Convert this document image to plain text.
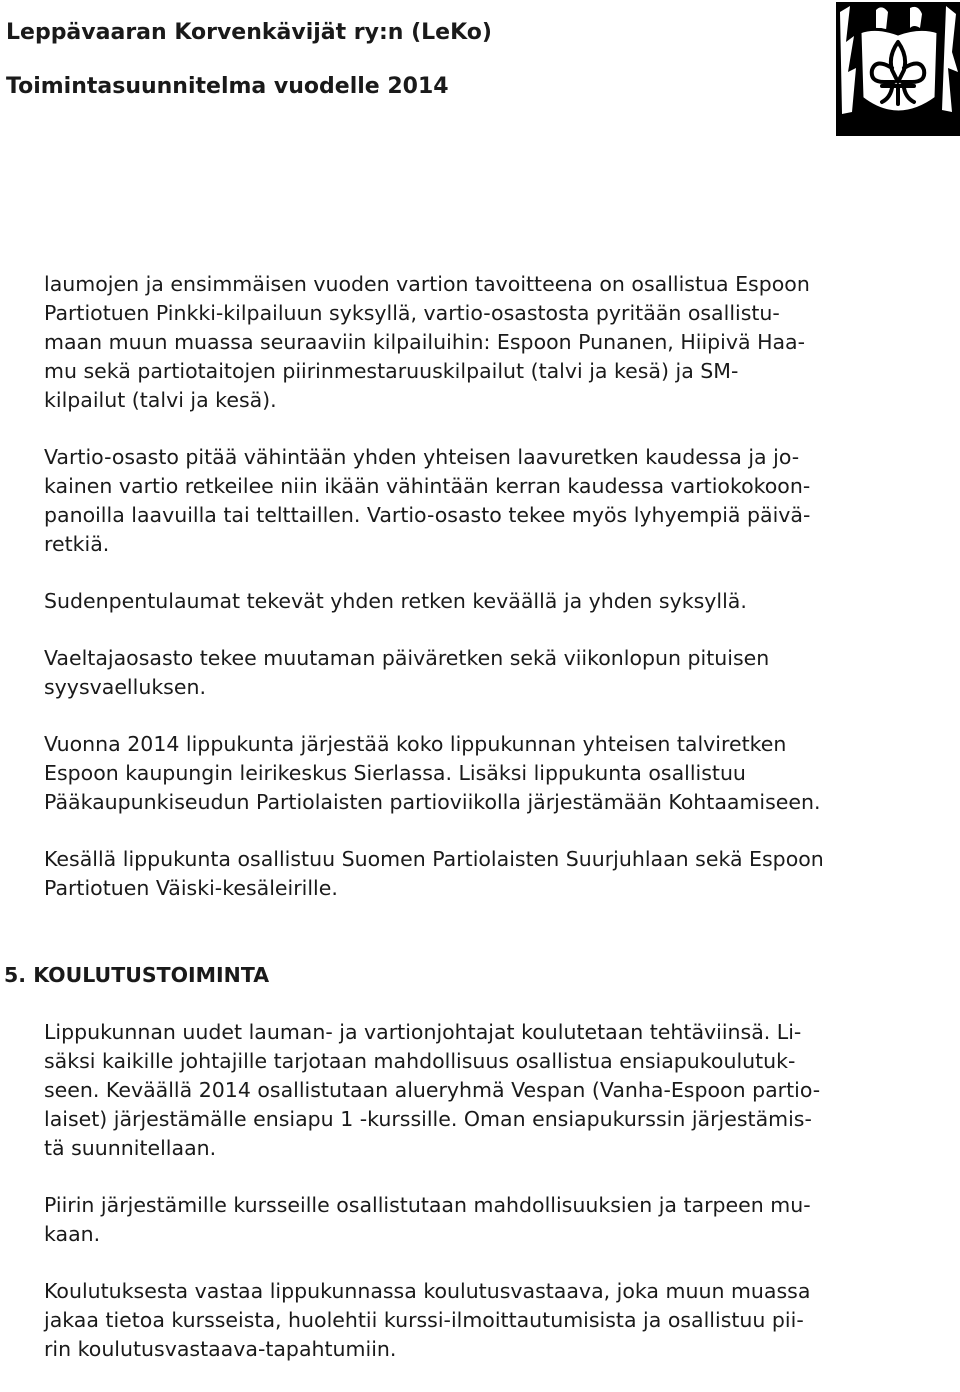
Leppävaaran Korvenkävijät ry:n (LeKo)

Toimintasuunnitelma vuodelle 2014

laumojen ja ensimmäisen vuoden vartion tavoitteena on osallistua Espoon
Partiotuen Pinkki-kilpailuun syksyllä, vartio-osastosta pyritään osallistu-
maan muun muassa seuraaviin kilpailuihin: Espoon Punanen, Hiipivä Haa-
mu sekä partiotaitojen piirinmestaruuskilpailut (talvi ja kesä) ja SM-
kilpailut (talvi ja kesä).

Vartio-osasto pitää vähintään yhden yhteisen laavuretken kaudessa ja jo-
kainen vartio retkeilee niin ikään vähintään kerran kaudessa vartiokokoon-
panoilla laavuilla tai telttaillen. Vartio-osasto tekee myös lyhyempiä päivä-
retkiä.

Sudenpentulaumat tekevät yhden retken keväällä ja yhden syksyllä.

Vaeltajaosasto tekee muutaman päiväretken sekä viikonlopun pituisen
syysvaelluksen.

Vuonna 2014 lippukunta järjestää koko lippukunnan yhteisen talviretken
Espoon kaupungin leirikeskus Sierlassa. Lisäksi lippukunta osallistuu
Pääkaupunkiseudun Partiolaisten partioviikolla järjestämään Kohtaamiseen.

Kesällä lippukunta osallistuu Suomen Partiolaisten Suurjuhlaan sekä Espoon
Partiotuen Väiski-kesäleirille.

5. KOULUTUSTOIMINTA

Lippukunnan uudet lauman- ja vartionjohtajat koulutetaan tehtäviinsä. Li-
säksi kaikille johtajille tarjotaan mahdollisuus osallistua ensiapukoulutuk-
seen. Keväällä 2014 osallistutaan alueryhmä Vespan (Vanha-Espoon partio-
laiset) järjestämälle ensiapu 1 -kurssille. Oman ensiapukurssin järjestämis-
tä suunnitellaan.

Piirin järjestämille kursseille osallistutaan mahdollisuuksien ja tarpeen mu-
kaan.

Koulutuksesta vastaa lippukunnassa koulutusvastaava, joka muun muassa
jakaa tietoa kursseista, huolehtii kurssi-ilmoittautumisista ja osallistuu pii-
rin koulutusvastaava-tapahtumiin.
